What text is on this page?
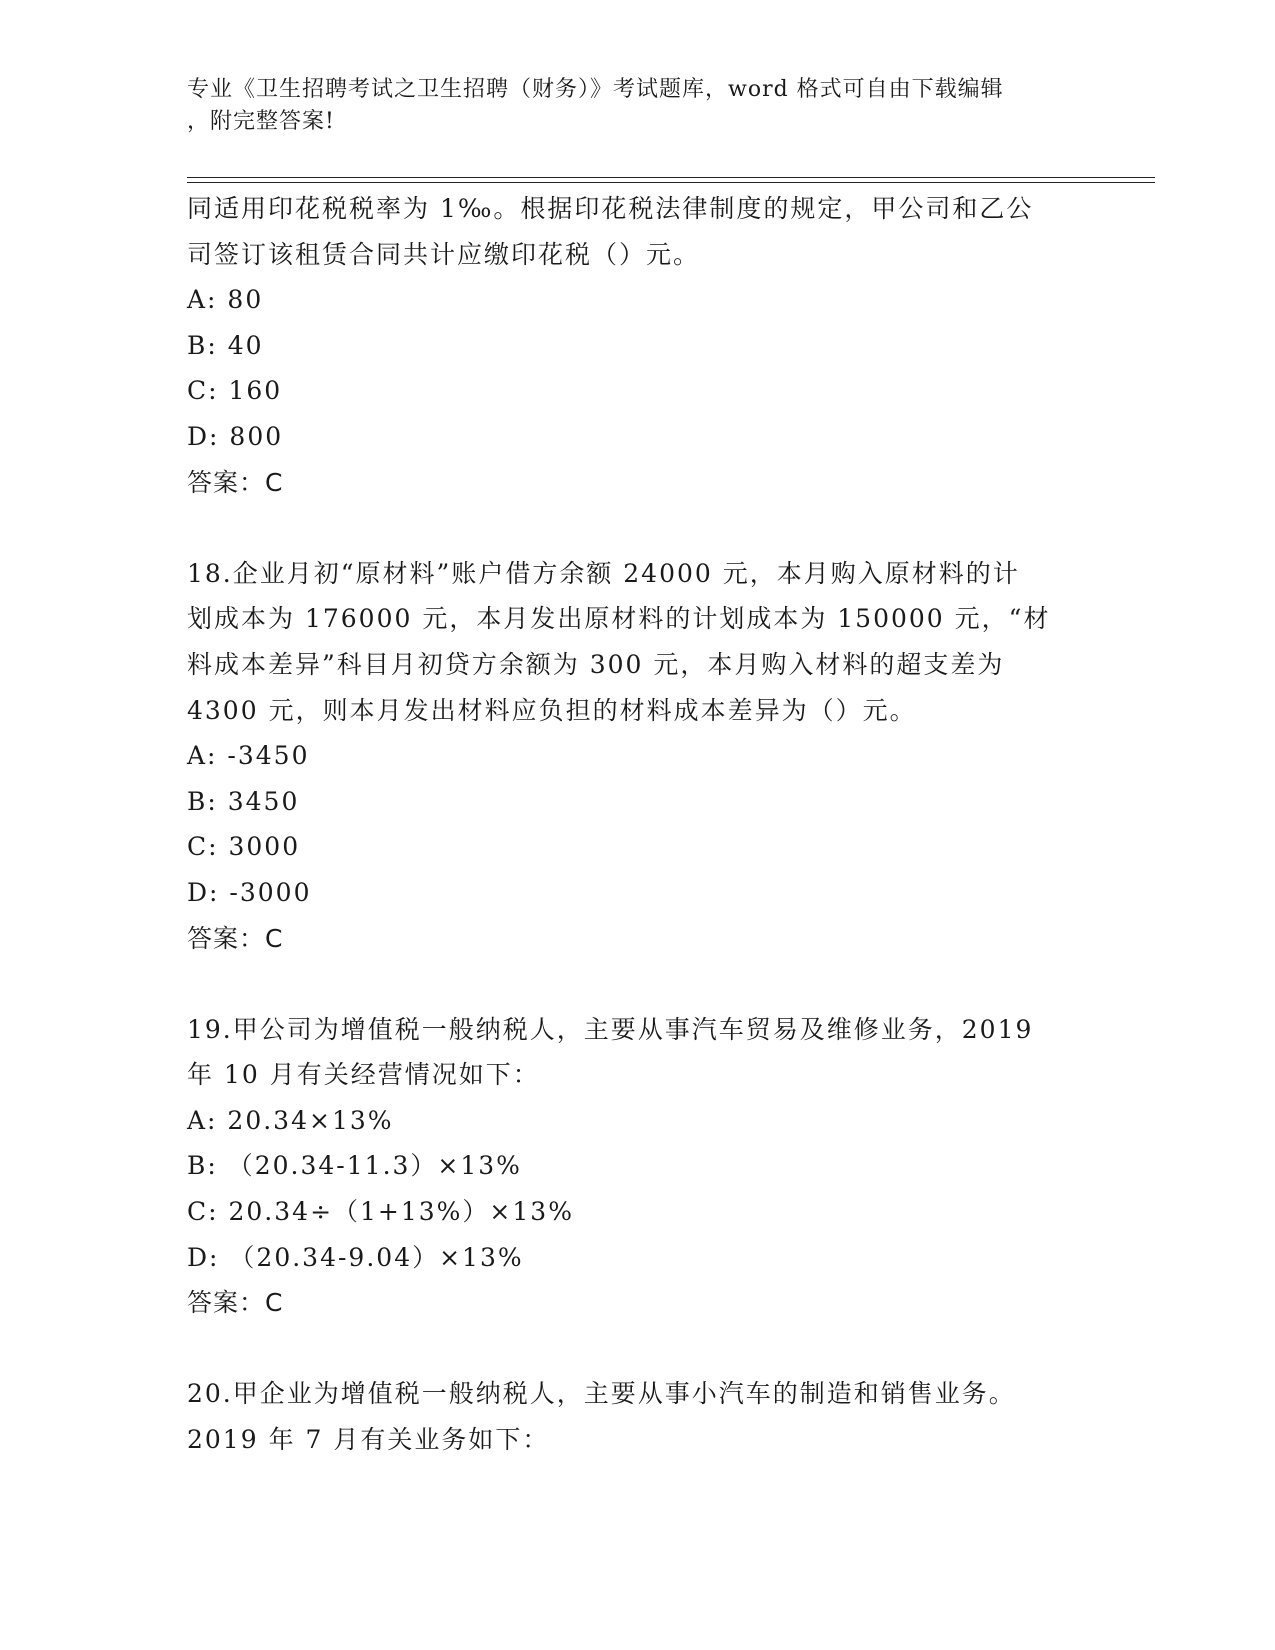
专业《卫生招聘考试之卫生招聘（财务）》考试题库，word 格式可自由下载编辑
，附完整答案!
同适用印花税税率为 1‰。根据印花税法律制度的规定，甲公司和乙公
司签订该租赁合同共计应缴印花税（）元。
A: 80
B: 40
C: 160
D: 800
答案：C
18.企业月初“原材料”账户借方余额 24000 元，本月购入原材料的计
划成本为 176000 元，本月发出原材料的计划成本为 150000 元，“材
料成本差异”科目月初贷方余额为 300 元，本月购入材料的超支差为
4300 元，则本月发出材料应负担的材料成本差异为（）元。
A: -3450
B: 3450
C: 3000
D: -3000
答案：C
19.甲公司为增值税一般纳税人，主要从事汽车贸易及维修业务，2019
年 10 月有关经营情况如下：
A: 20.34×13%
B: （20.34-11.3）×13%
C: 20.34÷（1+13%）×13%
D: （20.34-9.04）×13%
答案：C
20.甲企业为增值税一般纳税人，主要从事小汽车的制造和销售业务。
2019 年 7 月有关业务如下：
